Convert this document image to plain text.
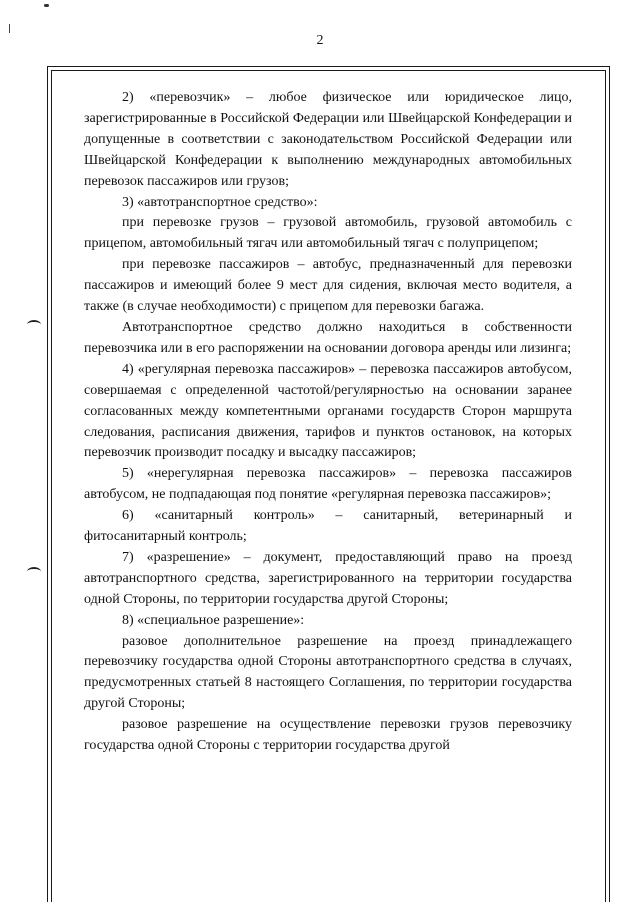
2

2) «перевозчик» – любое физическое или юридическое лицо, зарегистрированные в Российской Федерации или Швейцарской Конфедерации и допущенные в соответствии с законодательством Российской Федерации или Швейцарской Конфедерации к выполнению международных автомобильных перевозок пассажиров или грузов;

3) «автотранспортное средство»:

при перевозке грузов – грузовой автомобиль, грузовой автомобиль с прицепом, автомобильный тягач или автомобильный тягач с полуприцепом;

при перевозке пассажиров – автобус, предназначенный для перевозки пассажиров и имеющий более 9 мест для сидения, включая место водителя, а также (в случае необходимости) с прицепом для перевозки багажа.

Автотранспортное средство должно находиться в собственности перевозчика или в его распоряжении на основании договора аренды или лизинга;

4) «регулярная перевозка пассажиров» – перевозка пассажиров автобусом, совершаемая с определенной частотой/регулярностью на основании заранее согласованных между компетентными органами государств Сторон маршрута следования, расписания движения, тарифов и пунктов остановок, на которых перевозчик производит посадку и высадку пассажиров;

5) «нерегулярная перевозка пассажиров» – перевозка пассажиров автобусом, не подпадающая под понятие «регулярная перевозка пассажиров»;

6) «санитарный контроль» – санитарный, ветеринарный и фитосанитарный контроль;

7) «разрешение» – документ, предоставляющий право на проезд автотранспортного средства, зарегистрированного на территории государства одной Стороны, по территории государства другой Стороны;

8) «специальное разрешение»:

разовое дополнительное разрешение на проезд принадлежащего перевозчику государства одной Стороны автотранспортного средства в случаях, предусмотренных статьей 8 настоящего Соглашения, по территории государства другой Стороны;

разовое разрешение на осуществление перевозки грузов перевозчику государства одной Стороны с территории государства другой
